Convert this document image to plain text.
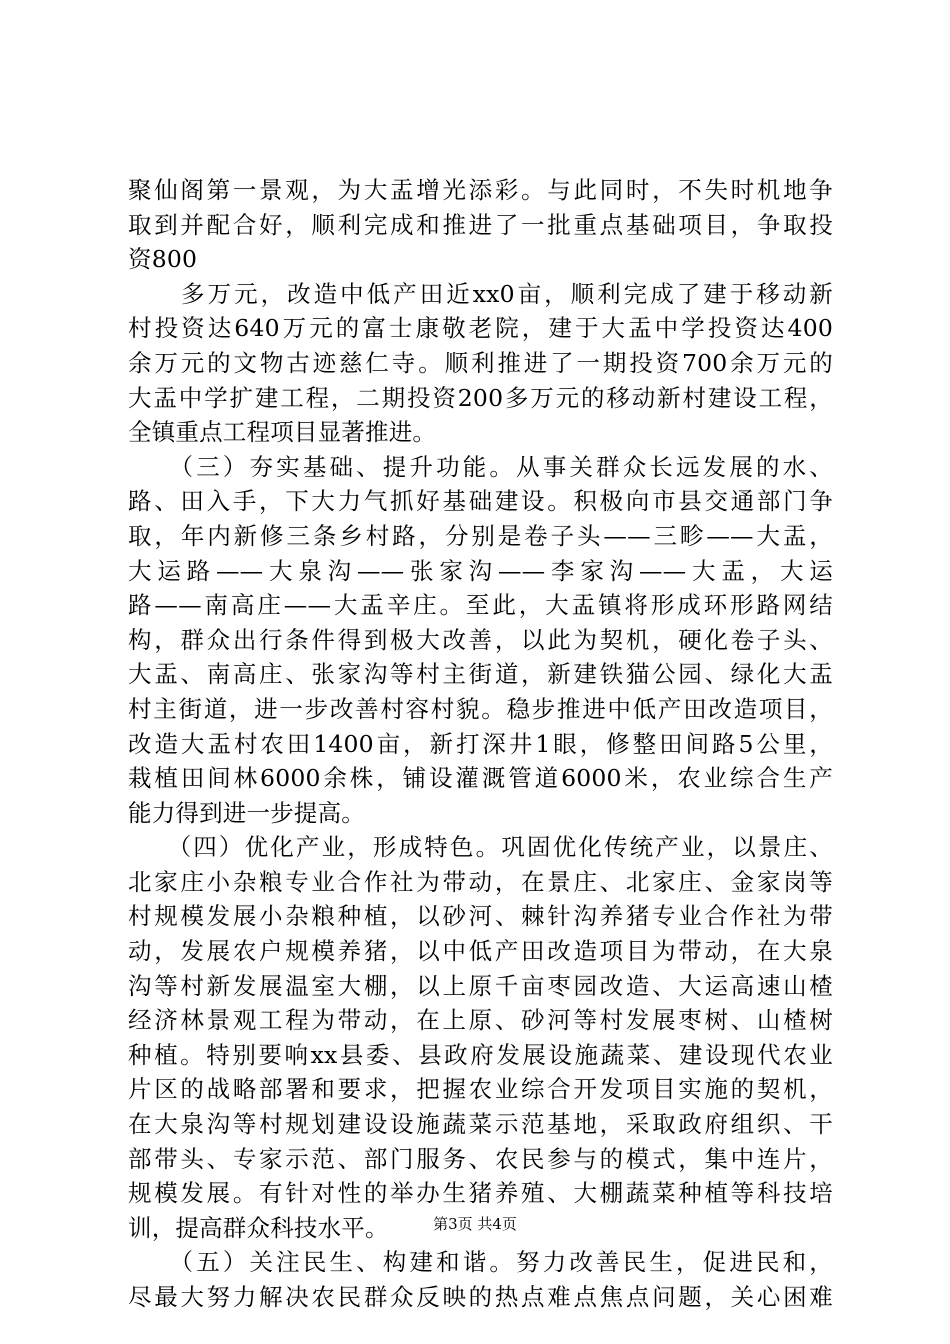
聚仙阁第一景观，为大盂增光添彩。与此同时，不失时机地争
取到并配合好，顺利完成和推进了一批重点基础项目，争取投
资800
　　多万元，改造中低产田近xx0亩，顺利完成了建于移动新
村投资达640万元的富士康敬老院，建于大盂中学投资达400
余万元的文物古迹慈仁寺。顺利推进了一期投资700余万元的
大盂中学扩建工程，二期投资200多万元的移动新村建设工程，
全镇重点工程项目显著推进。
　　（三）夯实基础、提升功能。从事关群众长远发展的水、
路、田入手，下大力气抓好基础建设。积极向市县交通部门争
取，年内新修三条乡村路，分别是卷子头——三畛——大盂，
大运路——大泉沟——张家沟——李家沟——大盂，大运
路——南高庄——大盂辛庄。至此，大盂镇将形成环形路网结
构，群众出行条件得到极大改善，以此为契机，硬化卷子头、
大盂、南高庄、张家沟等村主街道，新建铁猫公园、绿化大盂
村主街道，进一步改善村容村貌。稳步推进中低产田改造项目，
改造大盂村农田1400亩，新打深井1眼，修整田间路5公里，
栽植田间林6000余株，铺设灌溉管道6000米，农业综合生产
能力得到进一步提高。
　　（四）优化产业，形成特色。巩固优化传统产业，以景庄、
北家庄小杂粮专业合作社为带动，在景庄、北家庄、金家岗等
村规模发展小杂粮种植，以砂河、棘针沟养猪专业合作社为带
动，发展农户规模养猪，以中低产田改造项目为带动，在大泉
沟等村新发展温室大棚，以上原千亩枣园改造、大运高速山楂
经济林景观工程为带动，在上原、砂河等村发展枣树、山楂树
种植。特别要响xx县委、县政府发展设施蔬菜、建设现代农业
片区的战略部署和要求，把握农业综合开发项目实施的契机，
在大泉沟等村规划建设设施蔬菜示范基地，采取政府组织、干
部带头、专家示范、部门服务、农民参与的模式，集中连片，
规模发展。有针对性的举办生猪养殖、大棚蔬菜种植等科技培
训，提高群众科技水平。
　　（五）关注民生、构建和谐。努力改善民生，促进民和，
尽最大努力解决农民群众反映的热点难点焦点问题，关心困难
第3页 共4页
